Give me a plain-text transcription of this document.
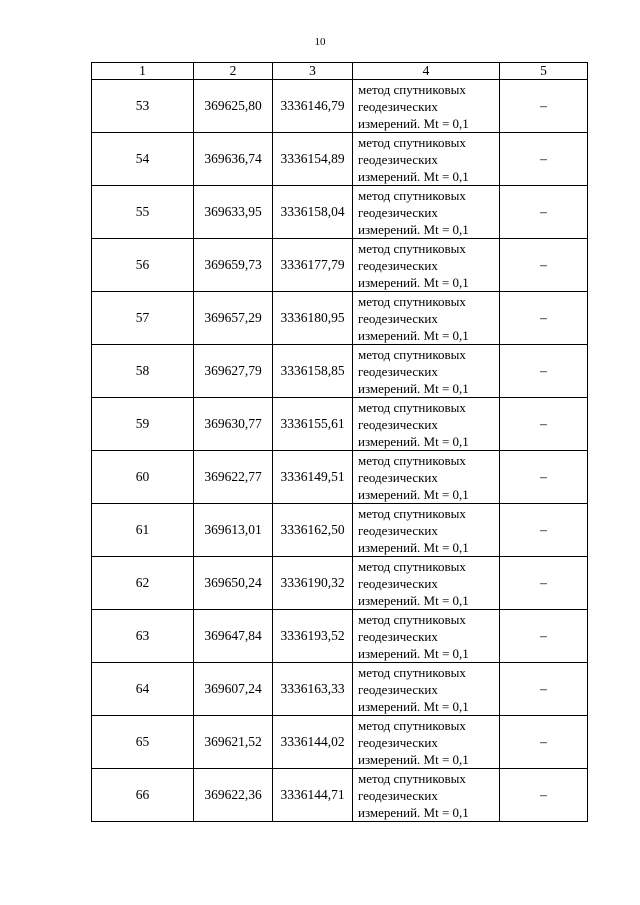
10
1	2	3	4	5
53	369625,80	3336146,79	метод спутниковых
геодезических
измерений. Mt = 0,1	–
54	369636,74	3336154,89	метод спутниковых
геодезических
измерений. Mt = 0,1	–
55	369633,95	3336158,04	метод спутниковых
геодезических
измерений. Mt = 0,1	–
56	369659,73	3336177,79	метод спутниковых
геодезических
измерений. Mt = 0,1	–
57	369657,29	3336180,95	метод спутниковых
геодезических
измерений. Mt = 0,1	–
58	369627,79	3336158,85	метод спутниковых
геодезических
измерений. Mt = 0,1	–
59	369630,77	3336155,61	метод спутниковых
геодезических
измерений. Mt = 0,1	–
60	369622,77	3336149,51	метод спутниковых
геодезических
измерений. Mt = 0,1	–
61	369613,01	3336162,50	метод спутниковых
геодезических
измерений. Mt = 0,1	–
62	369650,24	3336190,32	метод спутниковых
геодезических
измерений. Mt = 0,1	–
63	369647,84	3336193,52	метод спутниковых
геодезических
измерений. Mt = 0,1	–
64	369607,24	3336163,33	метод спутниковых
геодезических
измерений. Mt = 0,1	–
65	369621,52	3336144,02	метод спутниковых
геодезических
измерений. Mt = 0,1	–
66	369622,36	3336144,71	метод спутниковых
геодезических
измерений. Mt = 0,1	–
